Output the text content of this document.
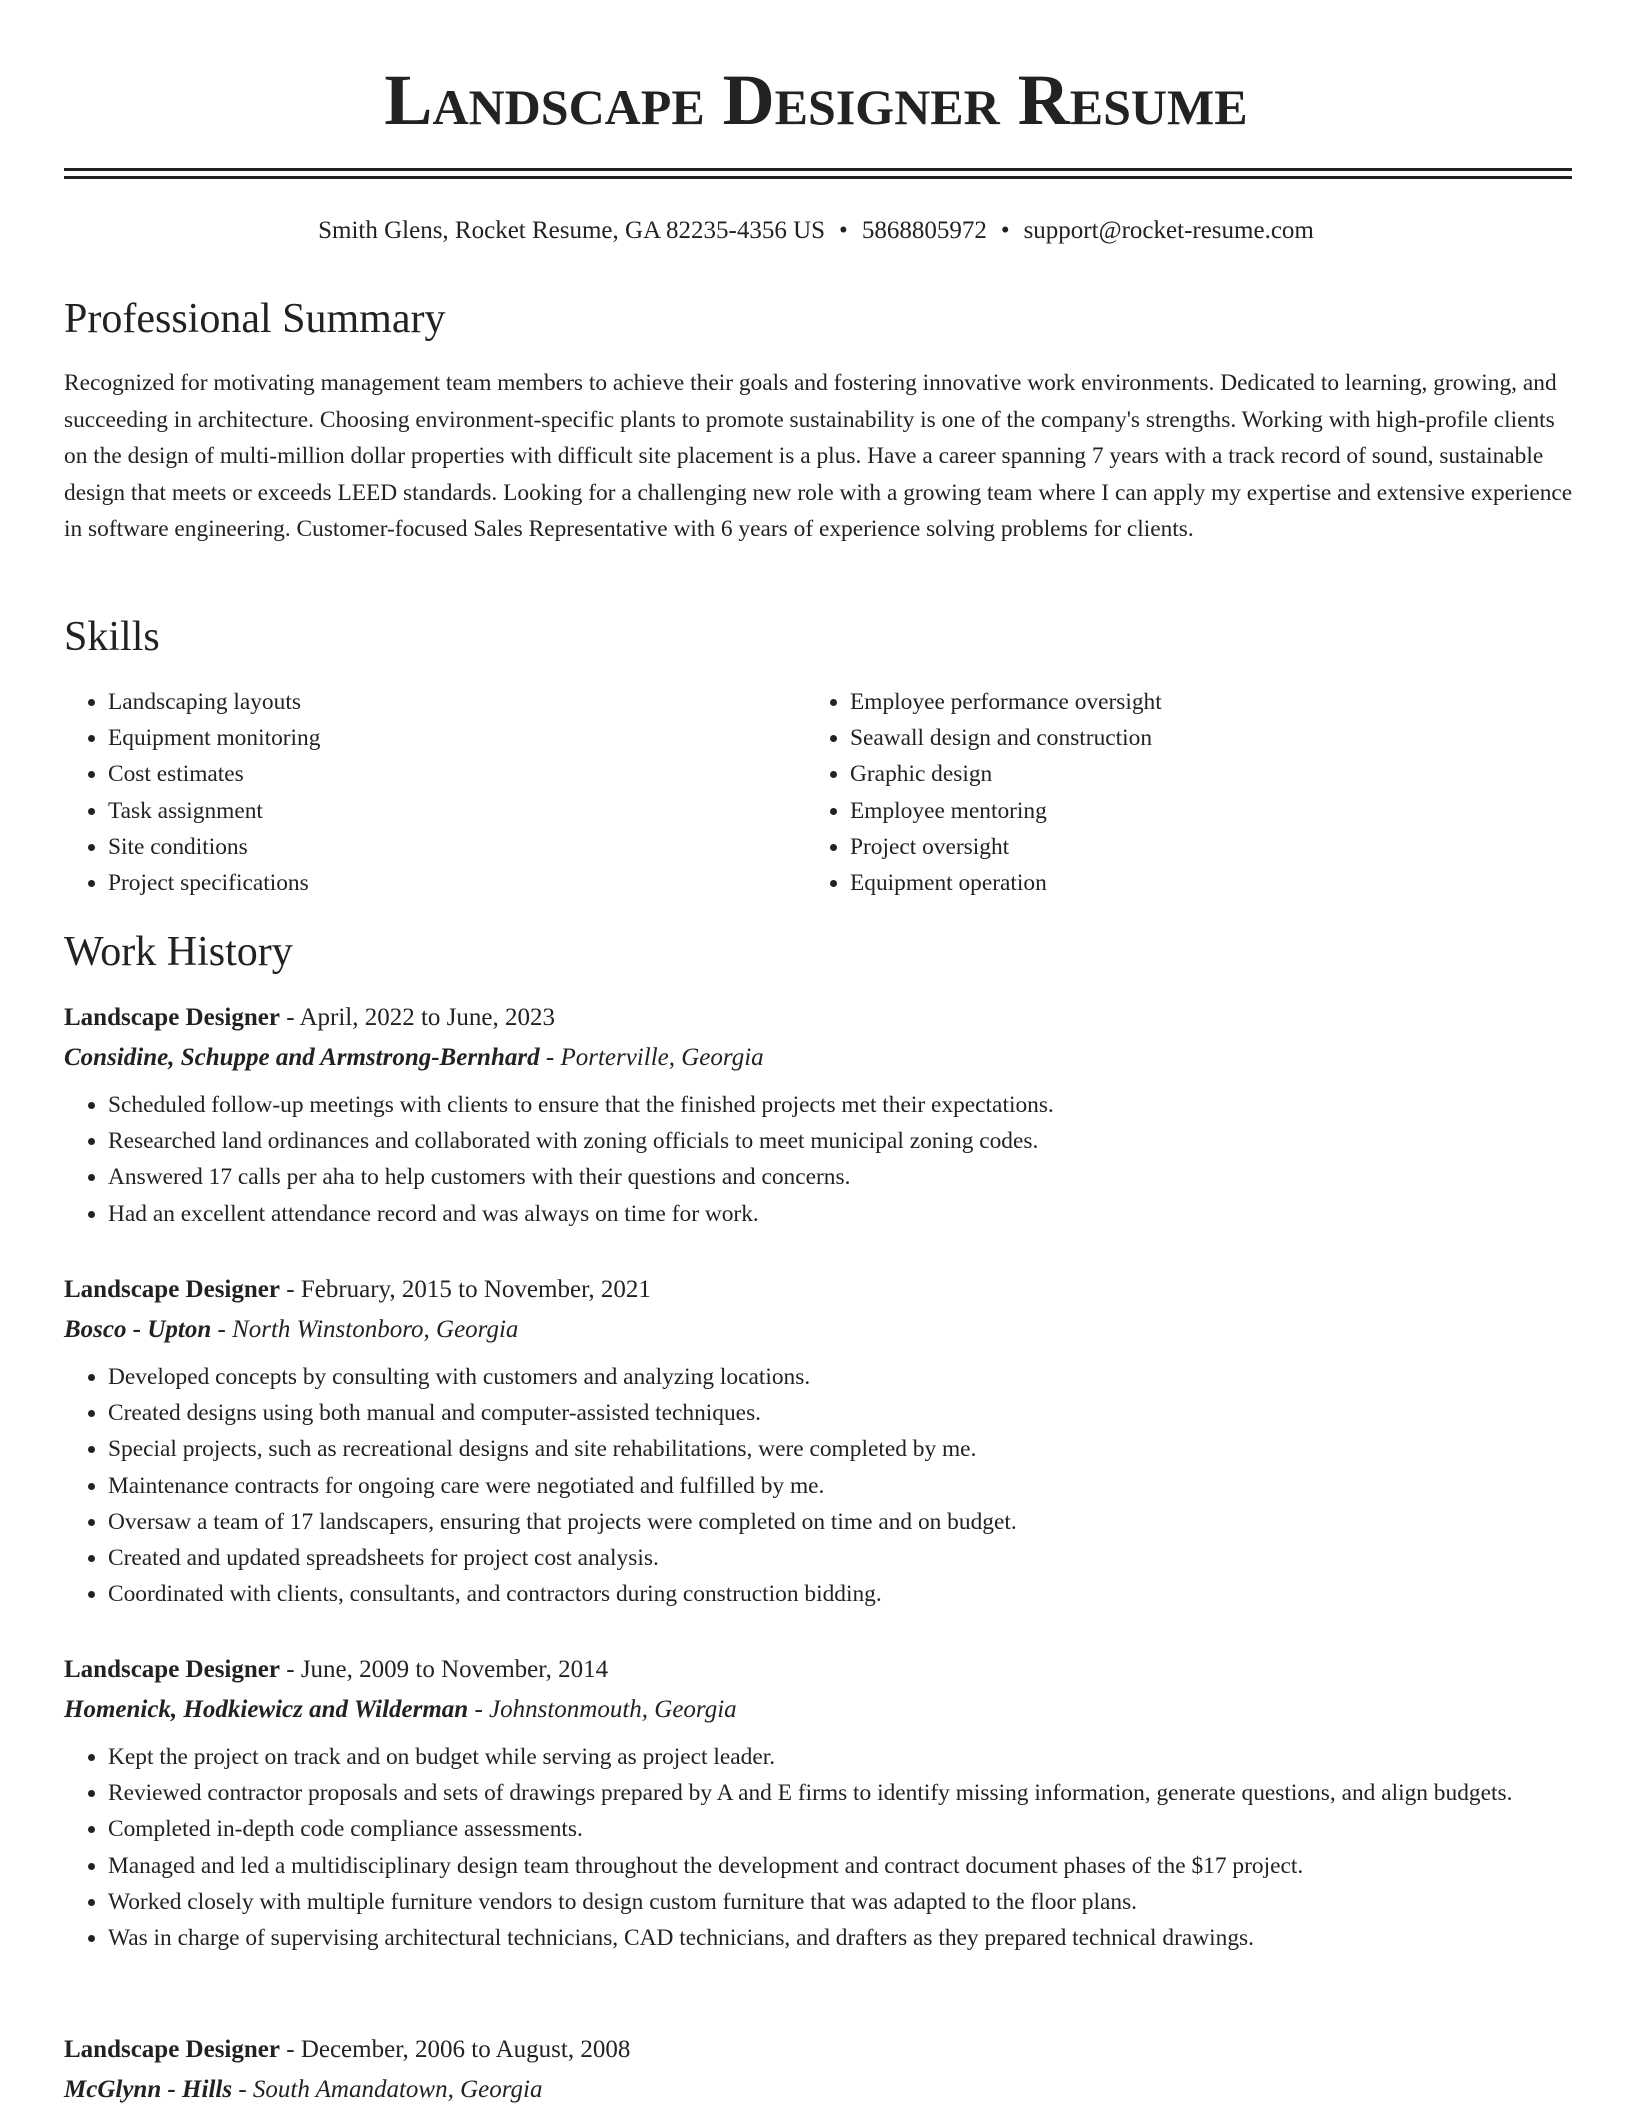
Landscape Designer Resume
Smith Glens, Rocket Resume, GA 82235-4356 US • 5868805972 • support@rocket-resume.com
Professional Summary

Recognized for motivating management team members to achieve their goals and fostering innovative work environments. Dedicated to learning, growing, and succeeding in architecture. Choosing environment-specific plants to promote sustainability is one of the company's strengths. Working with high-profile clients on the design of multi-million dollar properties with difficult site placement is a plus. Have a career spanning 7 years with a track record of sound, sustainable design that meets or exceeds LEED standards. Looking for a challenging new role with a growing team where I can apply my expertise and extensive experience in software engineering. Customer-focused Sales Representative with 6 years of experience solving problems for clients.

Skills
• Landscaping layouts
• Equipment monitoring
• Cost estimates
• Task assignment
• Site conditions
• Project specifications
• Employee performance oversight
• Seawall design and construction
• Graphic design
• Employee mentoring
• Project oversight
• Equipment operation
Work History

Landscape Designer - April, 2022 to June, 2023

Considine, Schuppe and Armstrong-Bernhard - Porterville, Georgia

• Scheduled follow-up meetings with clients to ensure that the finished projects met their expectations.
• Researched land ordinances and collaborated with zoning officials to meet municipal zoning codes.
• Answered 17 calls per aha to help customers with their questions and concerns.
• Had an excellent attendance record and was always on time for work.

Landscape Designer - February, 2015 to November, 2021

Bosco - Upton - North Winstonboro, Georgia

• Developed concepts by consulting with customers and analyzing locations.
• Created designs using both manual and computer-assisted techniques.
• Special projects, such as recreational designs and site rehabilitations, were completed by me.
• Maintenance contracts for ongoing care were negotiated and fulfilled by me.
• Oversaw a team of 17 landscapers, ensuring that projects were completed on time and on budget.
• Created and updated spreadsheets for project cost analysis.
• Coordinated with clients, consultants, and contractors during construction bidding.

Landscape Designer - June, 2009 to November, 2014

Homenick, Hodkiewicz and Wilderman - Johnstonmouth, Georgia

• Kept the project on track and on budget while serving as project leader.
• Reviewed contractor proposals and sets of drawings prepared by A and E firms to identify missing information, generate questions, and align budgets.
• Completed in-depth code compliance assessments.
• Managed and led a multidisciplinary design team throughout the development and contract document phases of the $17 project.
• Worked closely with multiple furniture vendors to design custom furniture that was adapted to the floor plans.
• Was in charge of supervising architectural technicians, CAD technicians, and drafters as they prepared technical drawings.

Landscape Designer - December, 2006 to August, 2008

McGlynn - Hills - South Amandatown, Georgia
